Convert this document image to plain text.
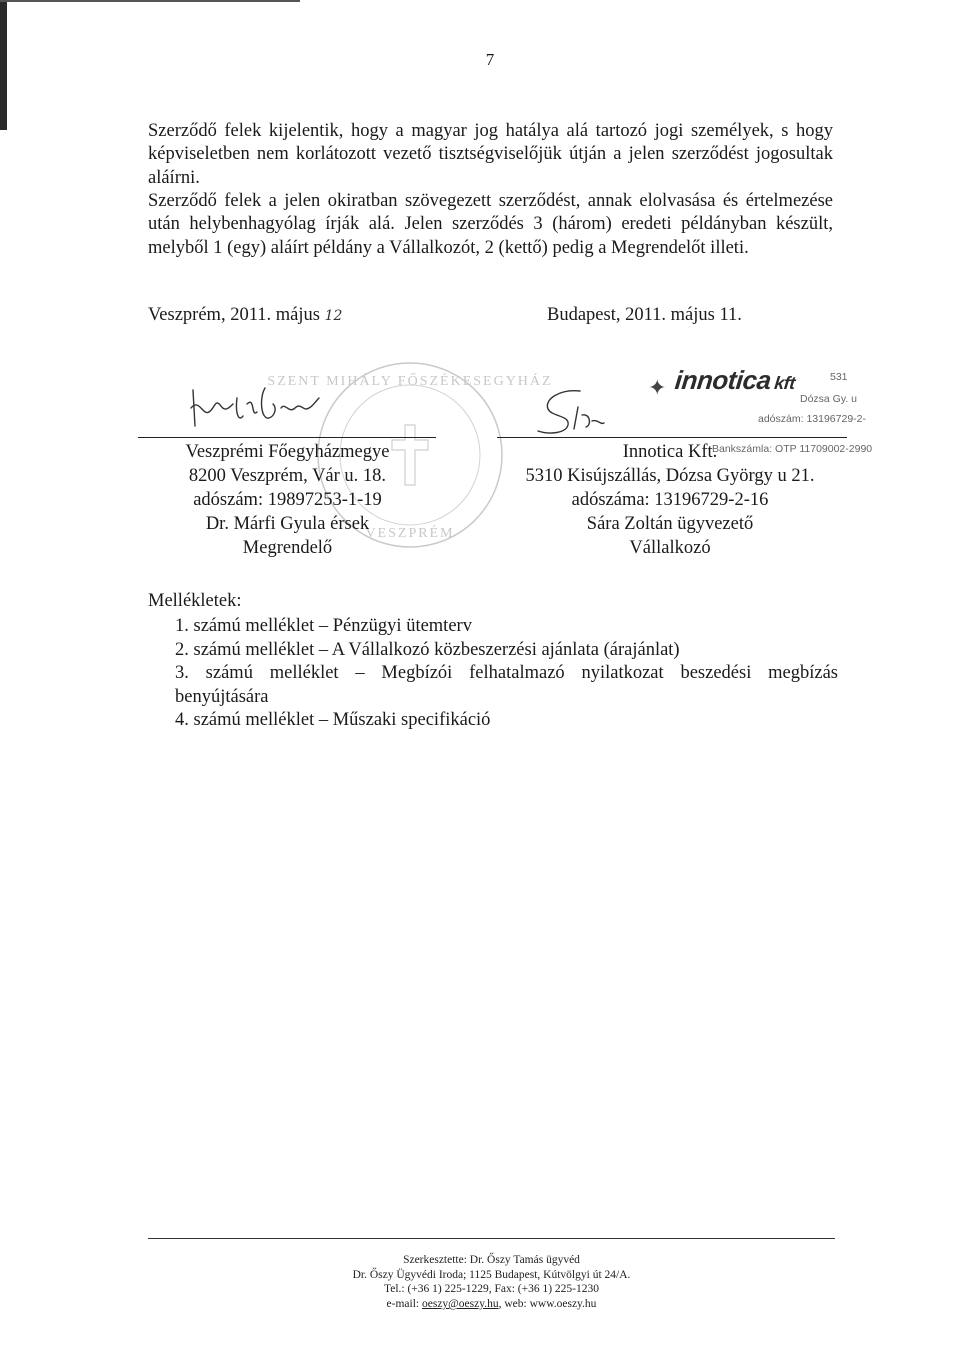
7

Szerződő felek kijelentik, hogy a magyar jog hatálya alá tartozó jogi személyek, s hogy képviseletben nem korlátozott vezető tisztségviselőjük útján a jelen szerződést jogosultak aláírni.

Szerződő felek a jelen okiratban szövegezett szerződést, annak elolvasása és értelmezése után helybenhagyólag írják alá. Jelen szerződés 3 (három) eredeti példányban készült, melyből 1 (egy) aláírt példány a Vállalkozót, 2 (kettő) pedig a Megrendelőt illeti.

Veszprém, 2011. május 12	Budapest, 2011. május 11.
SZENT MIHÁLY FŐSZÉKESEGYHÁZ
VESZPRÉM
✦ innoticakft	531
Dózsa Gy. u
adószám: 13196729-2-
Bankszámla: OTP 11709002-2990
Veszprémi Főegyházmegye
8200 Veszprém, Vár u. 18.
adószám: 19897253-1-19
Dr. Márfi Gyula érsek
Megrendelő
Innotica Kft.
5310 Kisújszállás, Dózsa György u 21.
adószáma: 13196729-2-16
Sára Zoltán ügyvezető
Vállalkozó
Mellékletek:
1. számú melléklet – Pénzügyi ütemterv
2. számú melléklet – A Vállalkozó közbeszerzési ajánlata (árajánlat)
3. számú melléklet – Megbízói felhatalmazó nyilatkozat beszedési megbízás benyújtására
4. számú melléklet – Műszaki specifikáció
Szerkesztette: Dr. Őszy Tamás ügyvéd
Dr. Őszy Ügyvédi Iroda; 1125 Budapest, Kútvölgyi út 24/A.
Tel.: (+36 1) 225-1229, Fax: (+36 1) 225-1230
e-mail: oeszy@oeszy.hu, web: www.oeszy.hu
